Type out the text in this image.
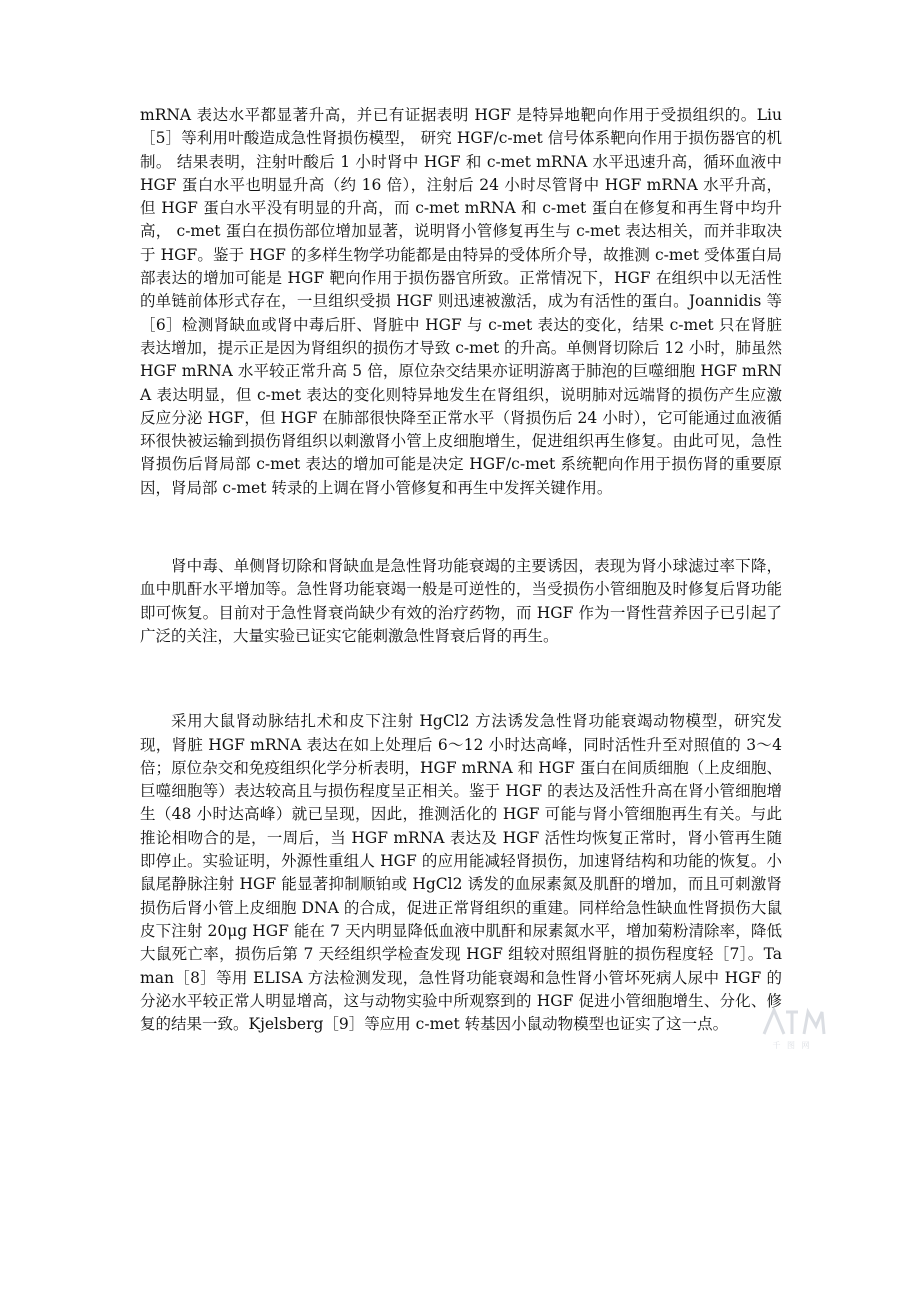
mRNA 表达水平都显著升高，并已有证据表明 HGF 是特异地靶向作用于受损组织的。Liu［5］等利用叶酸造成急性肾损伤模型， 研究 HGF/c-met 信号体系靶向作用于损伤器官的机制。 结果表明，注射叶酸后 1 小时肾中 HGF 和 c-met mRNA 水平迅速升高，循环血液中 HGF 蛋白水平也明显升高（约 16 倍），注射后 24 小时尽管肾中 HGF mRNA 水平升高，但 HGF 蛋白水平没有明显的升高，而 c-met mRNA 和 c-met 蛋白在修复和再生肾中均升高， c-met 蛋白在损伤部位增加显著，说明肾小管修复再生与 c-met 表达相关，而并非取决于 HGF。鉴于 HGF 的多样生物学功能都是由特异的受体所介导，故推测 c-met 受体蛋白局部表达的增加可能是 HGF 靶向作用于损伤器官所致。正常情况下，HGF 在组织中以无活性的单链前体形式存在，一旦组织受损 HGF 则迅速被激活，成为有活性的蛋白。Joannidis 等［6］检测肾缺血或肾中毒后肝、肾脏中 HGF 与 c-met 表达的变化，结果 c-met 只在肾脏表达增加，提示正是因为肾组织的损伤才导致 c-met 的升高。单侧肾切除后 12 小时，肺虽然 HGF mRNA 水平较正常升高 5 倍，原位杂交结果亦证明游离于肺泡的巨噬细胞 HGF mRNA 表达明显，但 c-met 表达的变化则特异地发生在肾组织，说明肺对远端肾的损伤产生应激反应分泌 HGF，但 HGF 在肺部很快降至正常水平（肾损伤后 24 小时），它可能通过血液循环很快被运输到损伤肾组织以刺激肾小管上皮细胞增生，促进组织再生修复。由此可见，急性肾损伤后肾局部 c-met 表达的增加可能是决定 HGF/c-met 系统靶向作用于损伤肾的重要原 因，肾局部 c-met 转录的上调在肾小管修复和再生中发挥关键作用。

肾中毒、单侧肾切除和肾缺血是急性肾功能衰竭的主要诱因，表现为肾小球滤过率下降，血中肌酐水平增加等。急性肾功能衰竭一般是可逆性的，当受损伤小管细胞及时修复后肾功能即可恢复。目前对于急性肾衰尚缺少有效的治疗药物，而 HGF 作为一肾性营养因子已引起了广泛的关注，大量实验已证实它能刺激急性肾衰后肾的再生。

采用大鼠肾动脉结扎术和皮下注射 HgCl2 方法诱发急性肾功能衰竭动物模型，研究发现，肾脏 HGF mRNA 表达在如上处理后 6～12 小时达高峰，同时活性升至对照值的 3～4 倍；原位杂交和免疫组织化学分析表明，HGF mRNA 和 HGF 蛋白在间质细胞（上皮细胞、巨噬细胞等）表达较高且与损伤程度呈正相关。鉴于 HGF 的表达及活性升高在肾小管细胞增生（48 小时达高峰）就已呈现，因此，推测活化的 HGF 可能与肾小管细胞再生有关。与此推论相吻合的是，一周后，当 HGF mRNA 表达及 HGF 活性均恢复正常时，肾小管再生随即停止。实验证明，外源性重组人 HGF 的应用能减轻肾损伤，加速肾结构和功能的恢复。小鼠尾静脉注射 HGF 能显著抑制顺铂或 HgCl2 诱发的血尿素氮及肌酐的增加，而且可刺激肾损伤后肾小管上皮细胞 DNA 的合成，促进正常肾组织的重建。同样给急性缺血性肾损伤大鼠皮下注射 20μg HGF 能在 7 天内明显降低血液中肌酐和尿素氮水平，增加菊粉清除率，降低大鼠死亡率，损伤后第 7 天经组织学检查发现 HGF 组较对照组肾脏的损伤程度轻［7］。Taman［8］等用 ELISA 方法检测发现，急性肾功能衰竭和急性肾小管坏死病人尿中 HGF 的分泌水平较正常人明显增高，这与动物实验中所观察到的 HGF 促进小管细胞增生、分化、修复的结果一致。Kjelsberg［9］等应用 c-met 转基因小鼠动物模型也证实了这一点。

千 图 网
